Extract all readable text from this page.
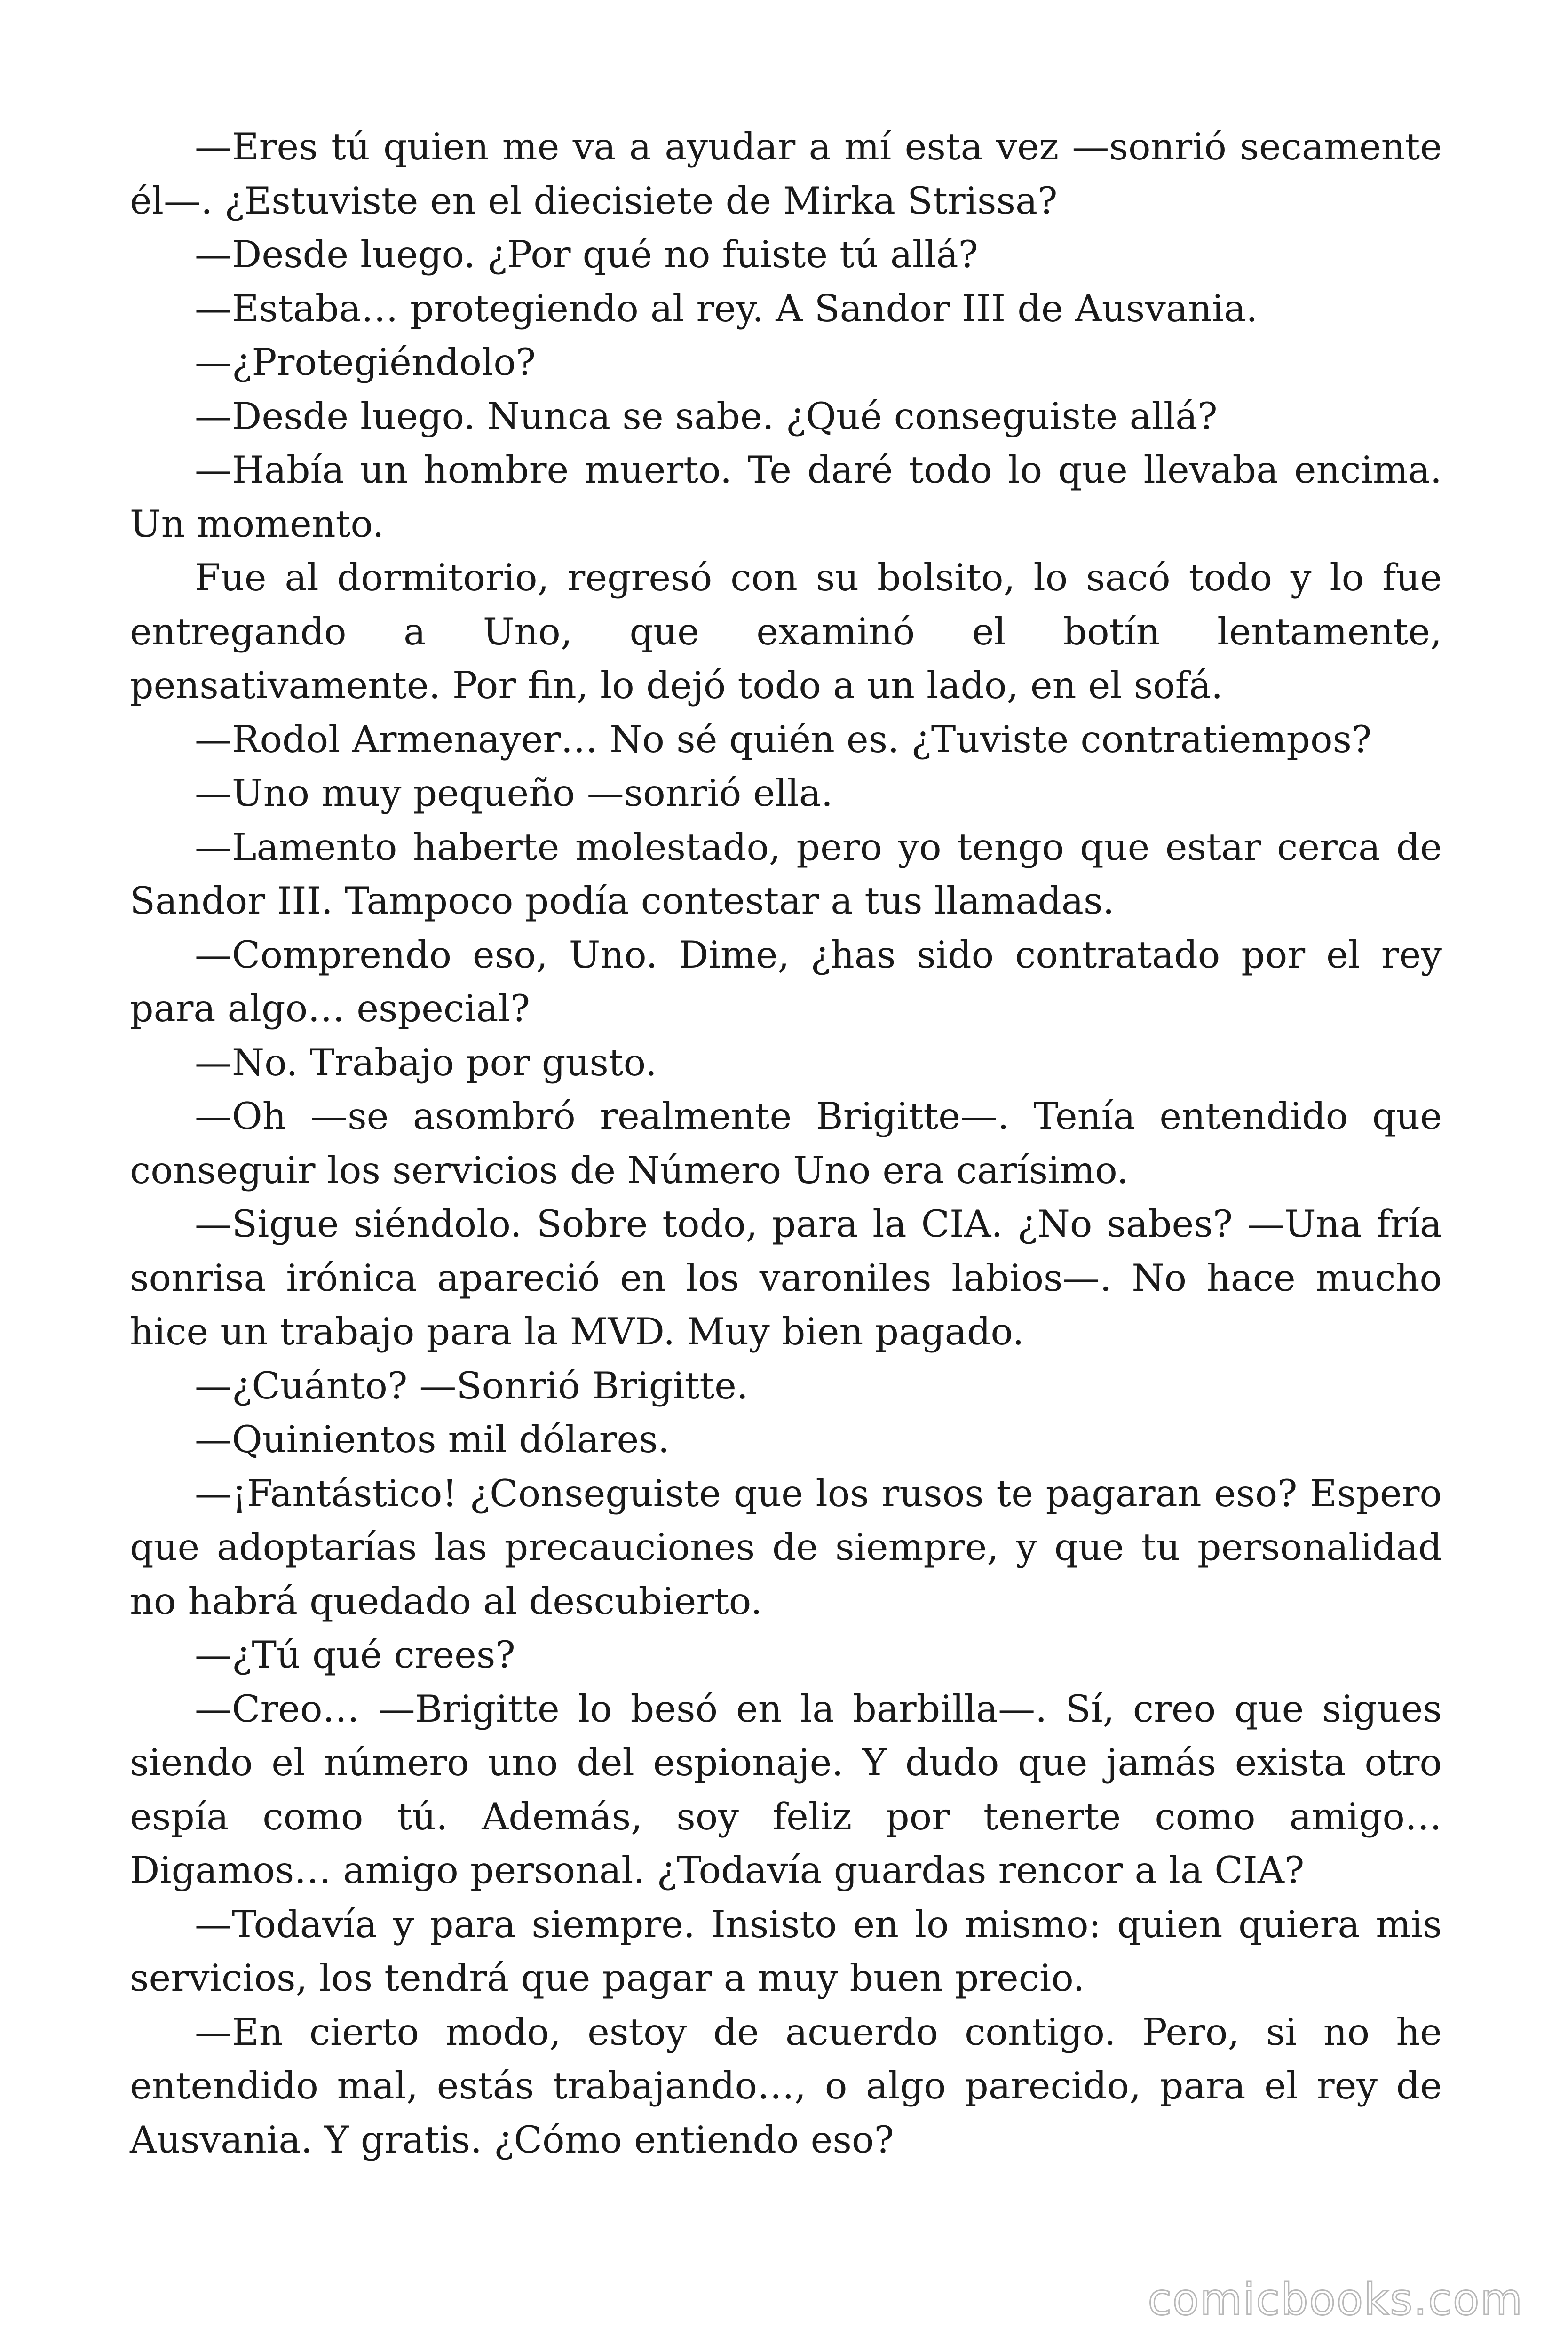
—Eres tú quien me va a ayudar a mí esta vez —sonrió secamente él—. ¿Estuviste en el diecisiete de Mirka Strissa?

—Desde luego. ¿Por qué no fuiste tú allá?

—Estaba… protegiendo al rey. A Sandor III de Ausvania.

—¿Protegiéndolo?

—Desde luego. Nunca se sabe. ¿Qué conseguiste allá?

—Había un hombre muerto. Te daré todo lo que llevaba encima. Un momento.

Fue al dormitorio, regresó con su bolsito, lo sacó todo y lo fue entregando a Uno, que examinó el botín lentamente, pensativamente. Por fin, lo dejó todo a un lado, en el sofá.

—Rodol Armenayer… No sé quién es. ¿Tuviste contratiempos?

—Uno muy pequeño —sonrió ella.

—Lamento haberte molestado, pero yo tengo que estar cerca de Sandor III. Tampoco podía contestar a tus llamadas.

—Comprendo eso, Uno. Dime, ¿has sido contratado por el rey para algo… especial?

—No. Trabajo por gusto.

—Oh —se asombró realmente Brigitte—. Tenía entendido que conseguir los servicios de Número Uno era carísimo.

—Sigue siéndolo. Sobre todo, para la CIA. ¿No sabes? —Una fría sonrisa irónica apareció en los varoniles labios—. No hace mucho hice un trabajo para la MVD. Muy bien pagado.

—¿Cuánto? —Sonrió Brigitte.

—Quinientos mil dólares.

—¡Fantástico! ¿Conseguiste que los rusos te pagaran eso? Espero que adoptarías las precauciones de siempre, y que tu personalidad no habrá quedado al descubierto.

—¿Tú qué crees?

—Creo… —Brigitte lo besó en la barbilla—. Sí, creo que sigues siendo el número uno del espionaje. Y dudo que jamás exista otro espía como tú. Además, soy feliz por tenerte como amigo… Digamos… amigo personal. ¿Todavía guardas rencor a la CIA?

—Todavía y para siempre. Insisto en lo mismo: quien quiera mis servicios, los tendrá que pagar a muy buen precio.

—En cierto modo, estoy de acuerdo contigo. Pero, si no he entendido mal, estás trabajando…, o algo parecido, para el rey de Ausvania. Y gratis. ¿Cómo entiendo eso?

comicbooks.com
